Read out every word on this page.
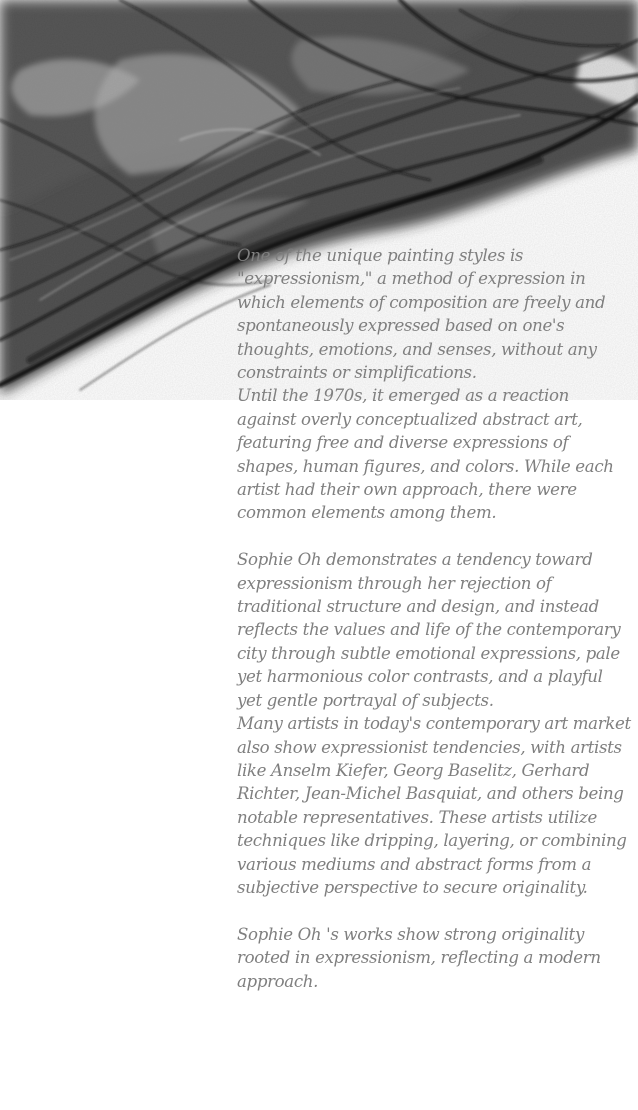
One of the unique painting styles is "expressionism," a method of expression in which elements of composition are freely and spontaneously expressed based on one's thoughts, emotions, and senses, without any constraints or simplifications.

Until the 1970s, it emerged as a reaction against overly conceptualized abstract art, featuring free and diverse expressions of shapes, human figures, and colors. While each artist had their own approach, there were common elements among them.

Sophie Oh demonstrates a tendency toward expressionism through her rejection of traditional structure and design, and instead reflects the values and life of the contemporary city through subtle emotional expressions, pale yet harmonious color contrasts, and a playful yet gentle portrayal of subjects.

Many artists in today's contemporary art market also show expressionist tendencies, with artists like Anselm Kiefer, Georg Baselitz, Gerhard Richter, Jean-Michel Basquiat, and others being notable representatives. These artists utilize techniques like dripping, layering, or combining various mediums and abstract forms from a subjective perspective to secure originality.

Sophie Oh 's works show strong originality rooted in expressionism, reflecting a modern approach.
